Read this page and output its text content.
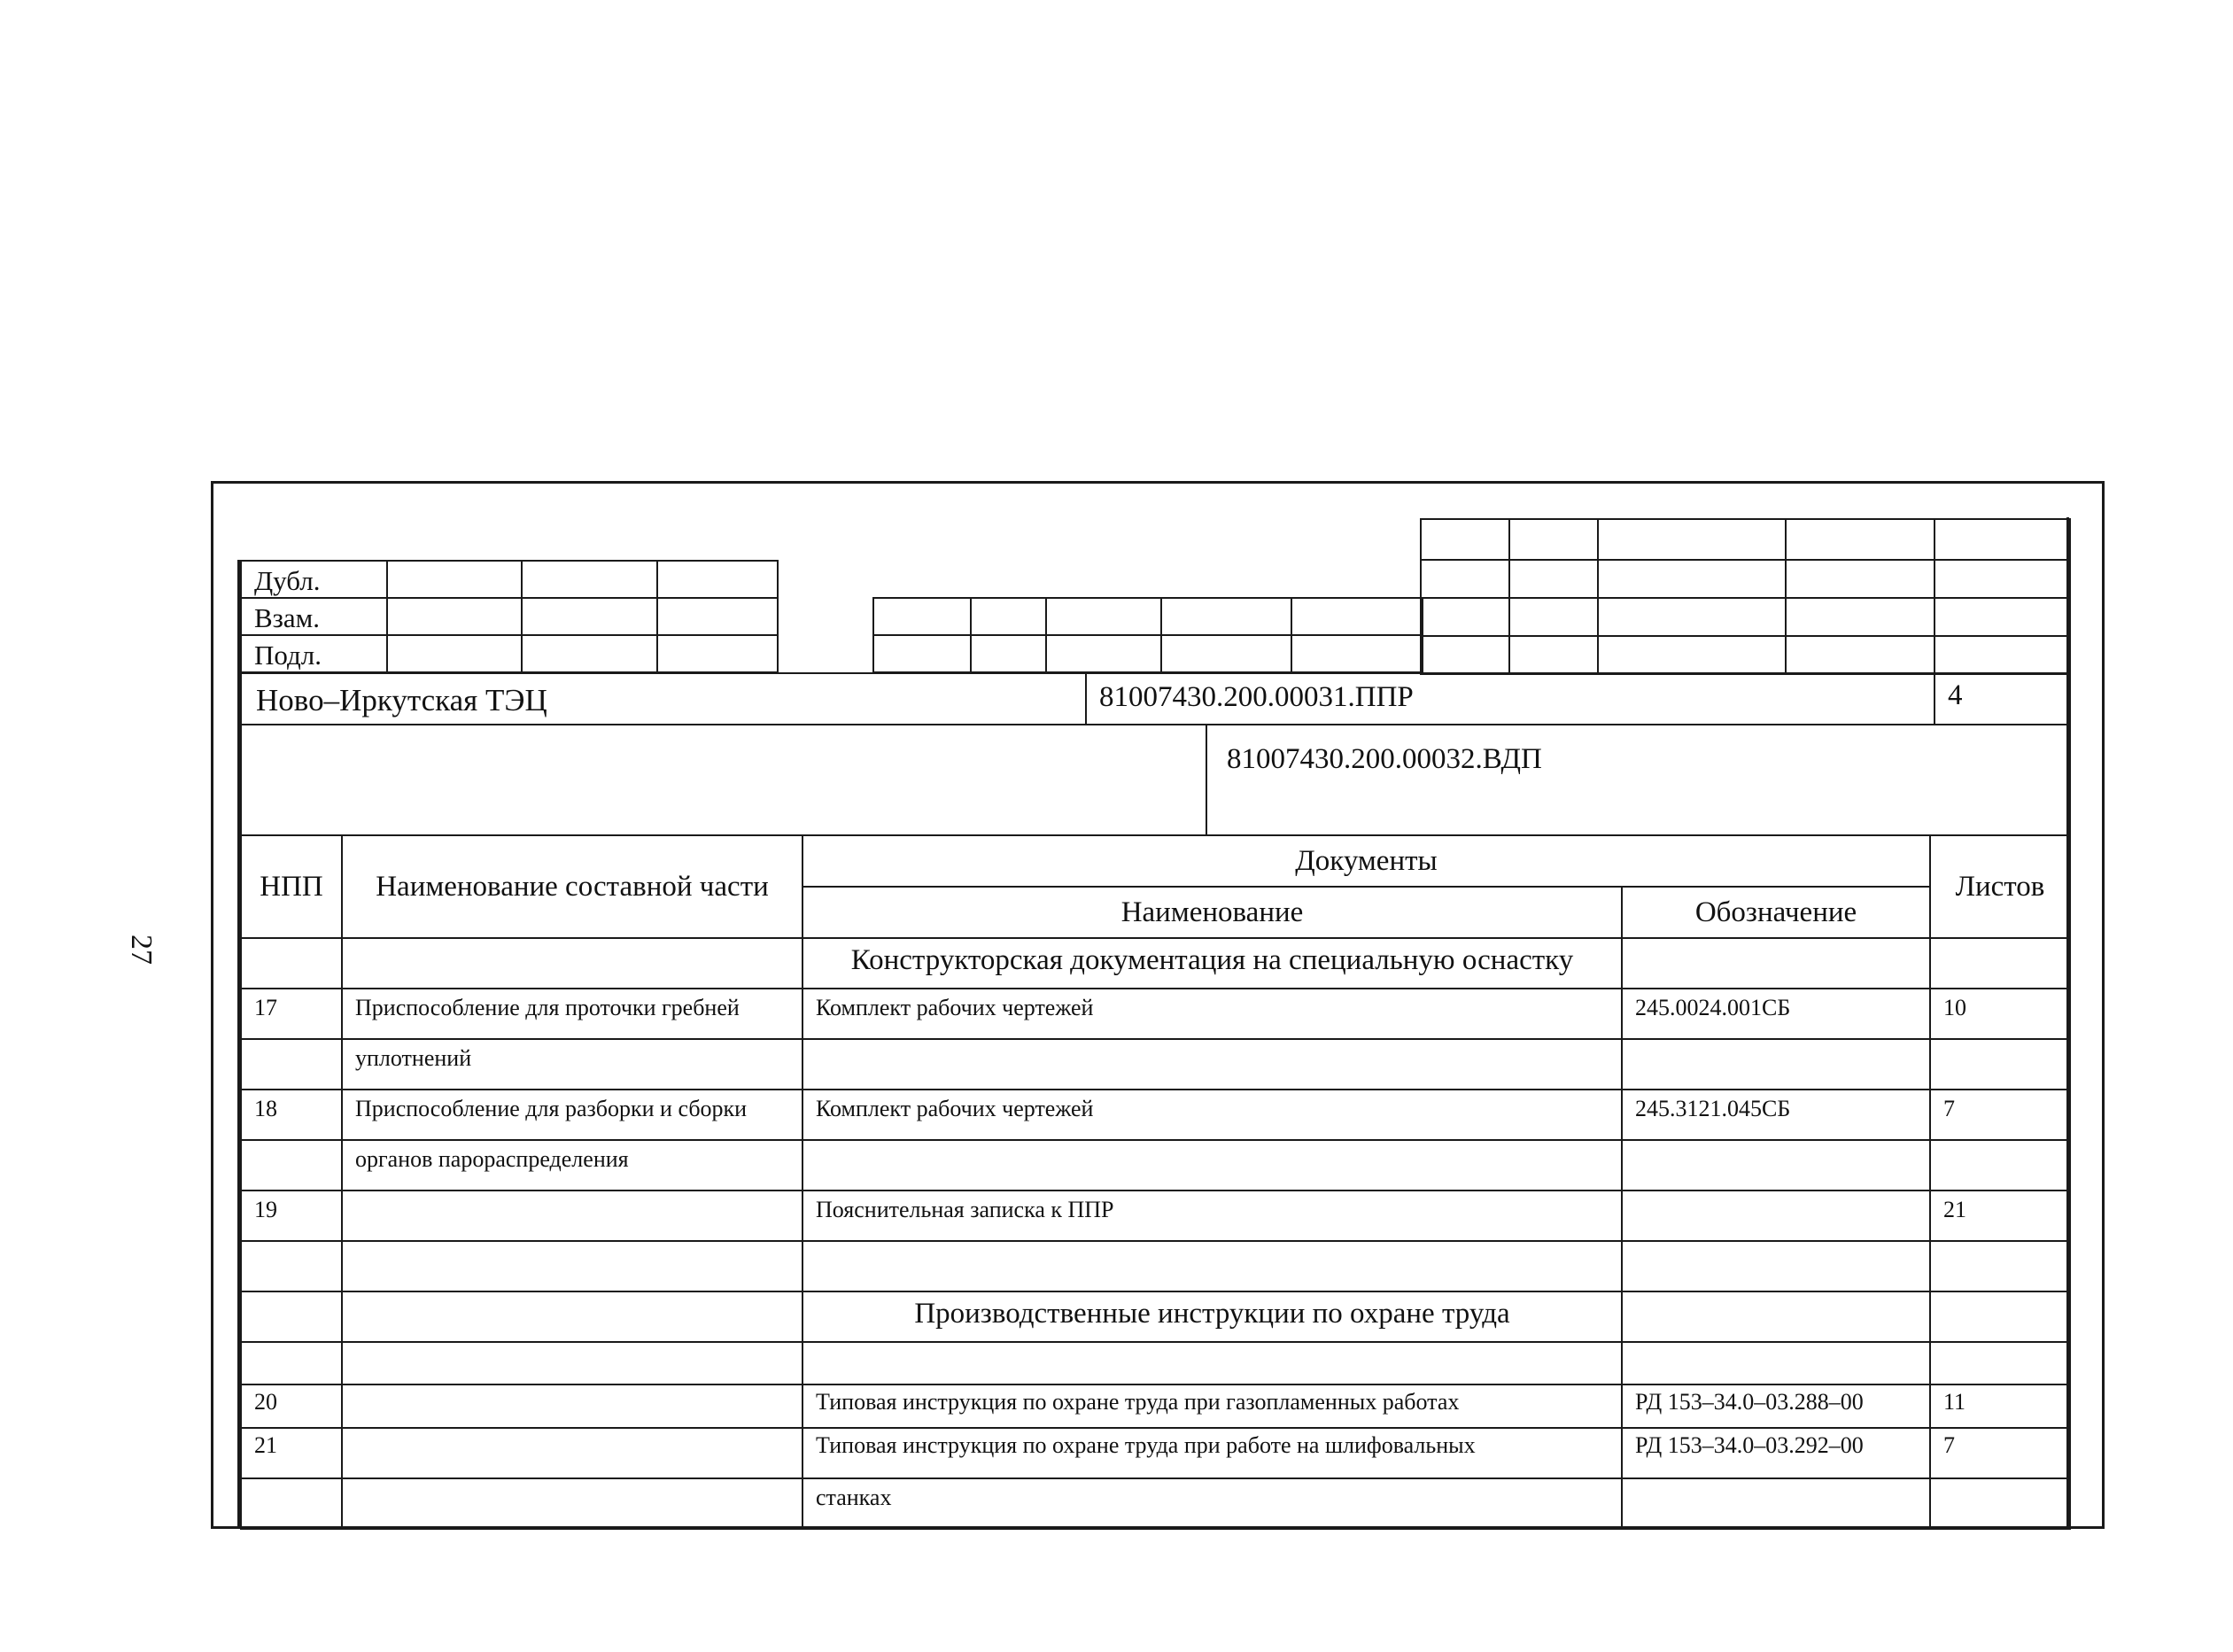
27
Дубл.			
Взам.			
Подл.			

Ново–Иркутская ТЭЦ	81007430.200.00031.ППР	4

81007430.200.00032.ВДП
НПП	Наименование составной части	Документы		Листов
		Наименование	Обозначение	
		Конструкторская документация на специальную оснастку		
17	Приспособление для проточки гребней	Комплект рабочих чертежей	245.0024.001СБ	10
	уплотнений			
18	Приспособление для разборки и сборки	Комплект рабочих чертежей	245.3121.045СБ	7
	органов парораспределения			
19		Пояснительная записка к ППР		21

		Производственные инструкции по охране труда		

20		Типовая инструкция по охране труда при газопламенных работах	РД 153–34.0–03.288–00	11
21		Типовая инструкция по охране труда при работе на шлифовальных	РД 153–34.0–03.292–00	7
		станках		
